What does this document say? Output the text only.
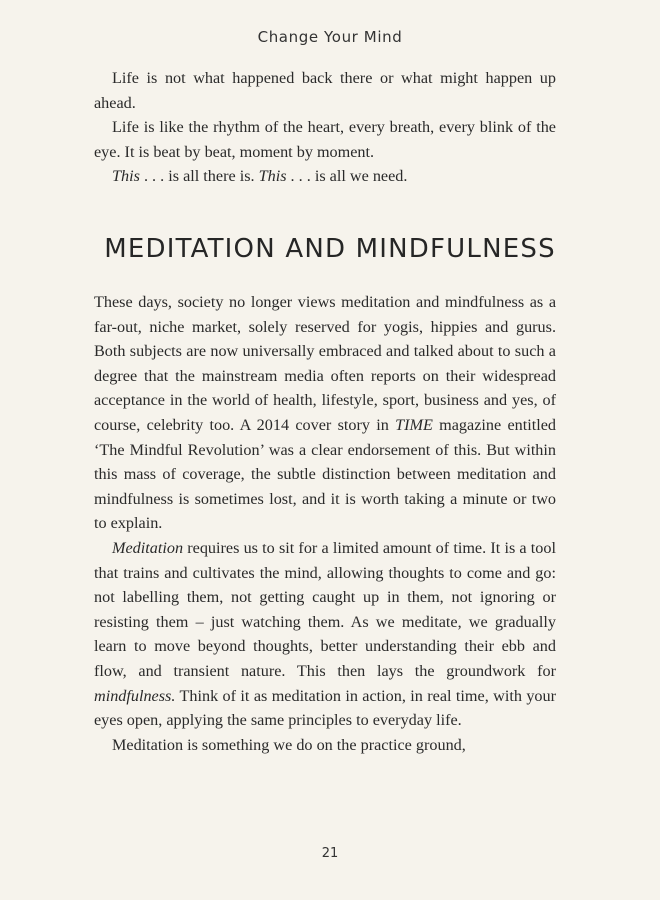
Change Your Mind

Life is not what happened back there or what might happen up ahead.

Life is like the rhythm of the heart, every breath, every blink of the eye. It is beat by beat, moment by moment.

This . . . is all there is. This . . . is all we need.

MEDITATION AND MINDFULNESS

These days, society no longer views meditation and mindfulness as a far-out, niche market, solely reserved for yogis, hippies and gurus. Both subjects are now universally embraced and talked about to such a degree that the mainstream media often reports on their widespread acceptance in the world of health, lifestyle, sport, business and yes, of course, celebrity too. A 2014 cover story in TIME magazine entitled ‘The Mindful Revolution’ was a clear endorsement of this. But within this mass of coverage, the subtle distinction between meditation and mindfulness is sometimes lost, and it is worth taking a minute or two to explain.

Meditation requires us to sit for a limited amount of time. It is a tool that trains and cultivates the mind, allowing thoughts to come and go: not labelling them, not getting caught up in them, not ignoring or resisting them – just watching them. As we meditate, we gradually learn to move beyond thoughts, better understanding their ebb and flow, and transient nature. This then lays the groundwork for mindfulness. Think of it as meditation in action, in real time, with your eyes open, applying the same principles to everyday life.

Meditation is something we do on the practice ground,

21
